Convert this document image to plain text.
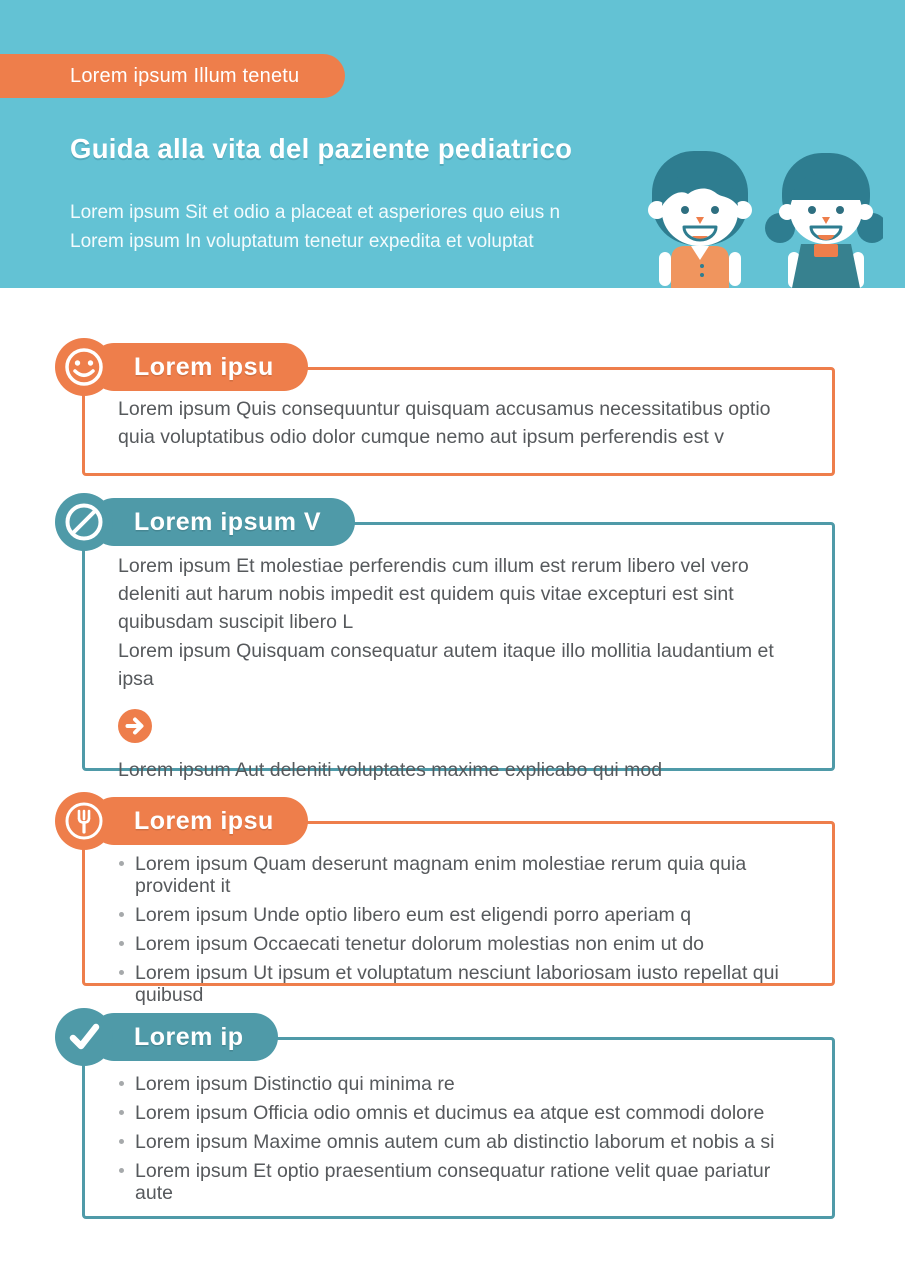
Lorem ipsum Illum tenetu
Guida alla vita del paziente pediatrico
Lorem ipsum Sit et odio a placeat et asperiores quo eius n
Lorem ipsum In voluptatum tenetur expedita et voluptat
Lorem ipsu

Lorem ipsum Quis consequuntur quisquam accusamus necessitatibus optio quia voluptatibus odio dolor cumque nemo aut ipsum perferendis est v

Lorem ipsum V

Lorem ipsum Et molestiae perferendis cum illum est rerum libero vel vero deleniti aut harum nobis impedit est quidem quis vitae excepturi est sint quibusdam suscipit libero L

Lorem ipsum Quisquam consequatur autem itaque illo mollitia laudantium et ipsa

Lorem ipsum Aut deleniti voluptates maxime explicabo qui mod

Lorem ipsu
Lorem ipsum Quam deserunt magnam enim molestiae rerum quia quia provident it
Lorem ipsum Unde optio libero eum est eligendi porro aperiam q
Lorem ipsum Occaecati tenetur dolorum molestias non enim ut do
Lorem ipsum Ut ipsum et voluptatum nesciunt laboriosam iusto repellat qui quibusd
Lorem ip
Lorem ipsum Distinctio qui minima re
Lorem ipsum Officia odio omnis et ducimus ea atque est commodi dolore
Lorem ipsum Maxime omnis autem cum ab distinctio laborum et nobis a si
Lorem ipsum Et optio praesentium consequatur ratione velit quae pariatur aute
